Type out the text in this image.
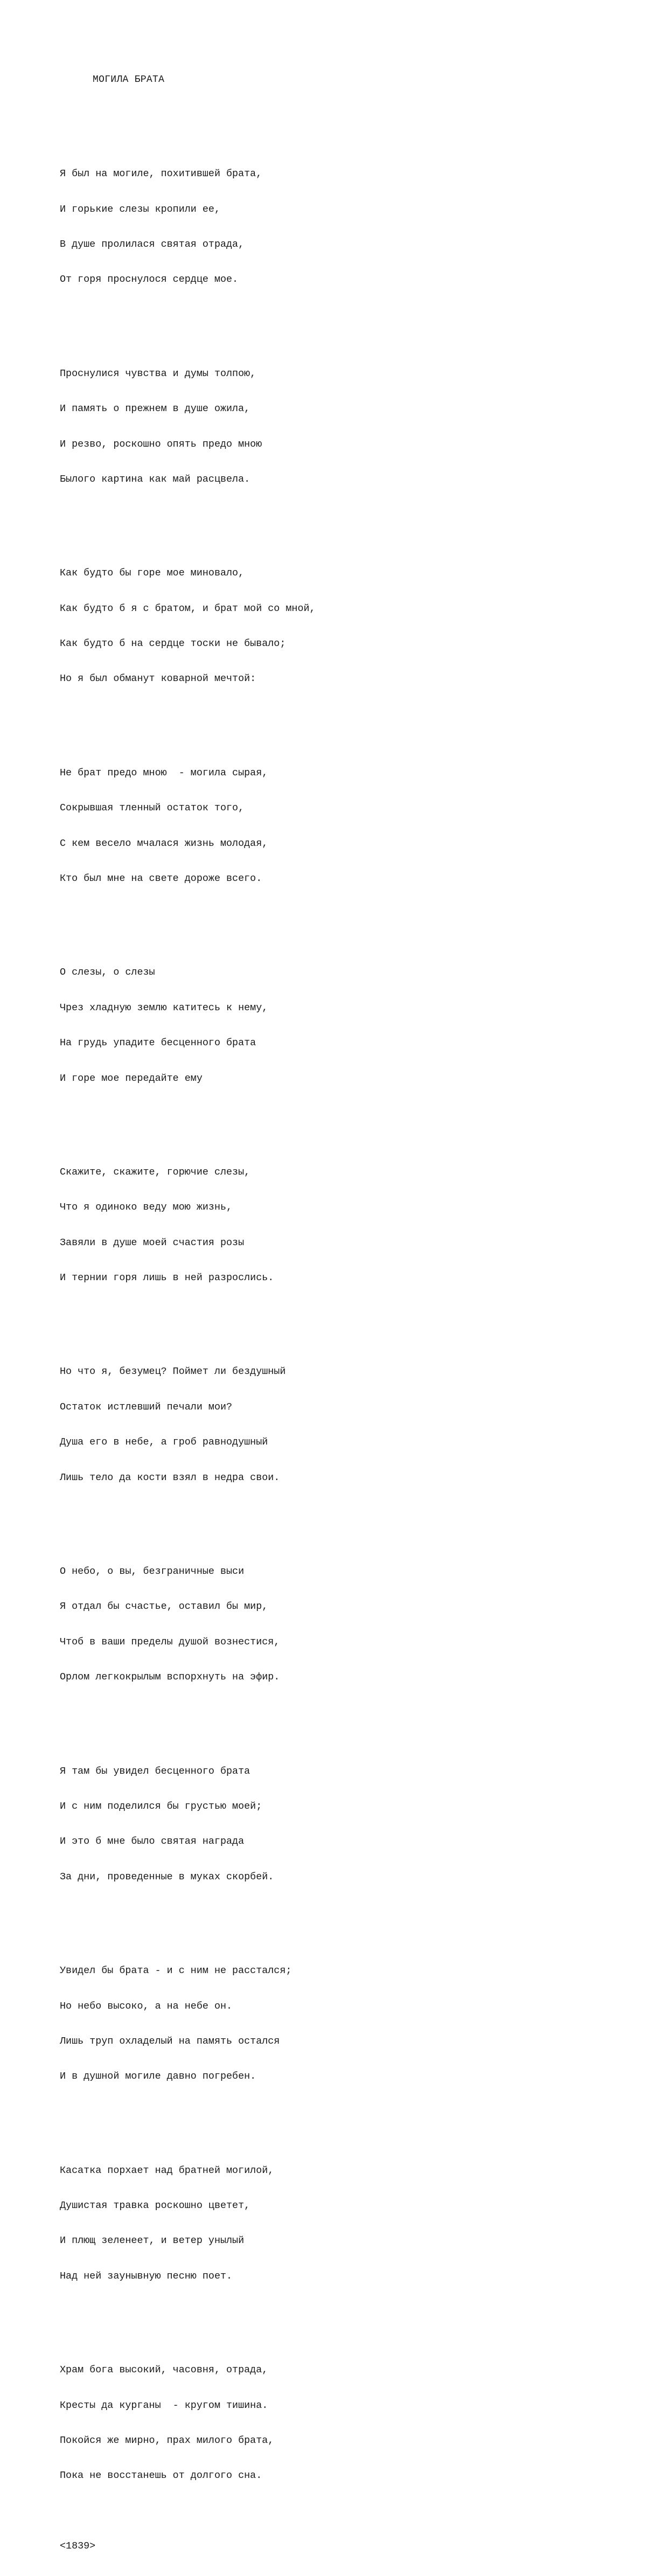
МОГИЛА БРАТА

Я был на могиле, похитившей брата,

И горькие слезы кропили ее,

В душе пролилася святая отрада,

От горя проснулося сердце мое.

Проснулися чувства и думы толпою,

И память о прежнем в душе ожила,

И резво, роскошно опять предо мною

Былого картина как май расцвела.

Как будто бы горе мое миновало,

Как будто б я с братом, и брат мой со мной,

Как будто б на сердце тоски не бывало;

Но я был обманут коварной мечтой:

Не брат предо мною  - могила сырая,

Сокрывшая тленный остаток того,

С кем весело мчалася жизнь молодая,

Кто был мне на свете дороже всего.

О слезы, о слезы

Чрез хладную землю катитесь к нему,

На грудь упадите бесценного брата

И горе мое передайте ему

Скажите, скажите, горючие слезы,

Что я одиноко веду мою жизнь,

Завяли в душе моей счастия розы

И тернии горя лишь в ней разрослись.

Но что я, безумец? Поймет ли бездушный

Остаток истлевший печали мои?

Душа его в небе, а гроб равнодушный

Лишь тело да кости взял в недра свои.

О небо, о вы, безграничные выси

Я отдал бы счастье, оставил бы мир,

Чтоб в ваши пределы душой вознестися,

Орлом легкокрылым вспорхнуть на эфир.

Я там бы увидел бесценного брата

И с ним поделился бы грустью моей;

И это б мне было святая награда

За дни, проведенные в муках скорбей.

Увидел бы брата - и с ним не расстался;

Но небо высоко, а на небе он.

Лишь труп охладелый на память остался

И в душной могиле давно погребен.

Касатка порхает над братней могилой,

Душистая травка роскошно цветет,

И плющ зеленеет, и ветер унылый

Над ней заунывную песню поет.

Храм бога высокий, часовня, отрада,

Кресты да курганы  - кругом тишина.

Покойся же мирно, прах милого брата,

Пока не восстанешь от долгого сна.

<1839>
